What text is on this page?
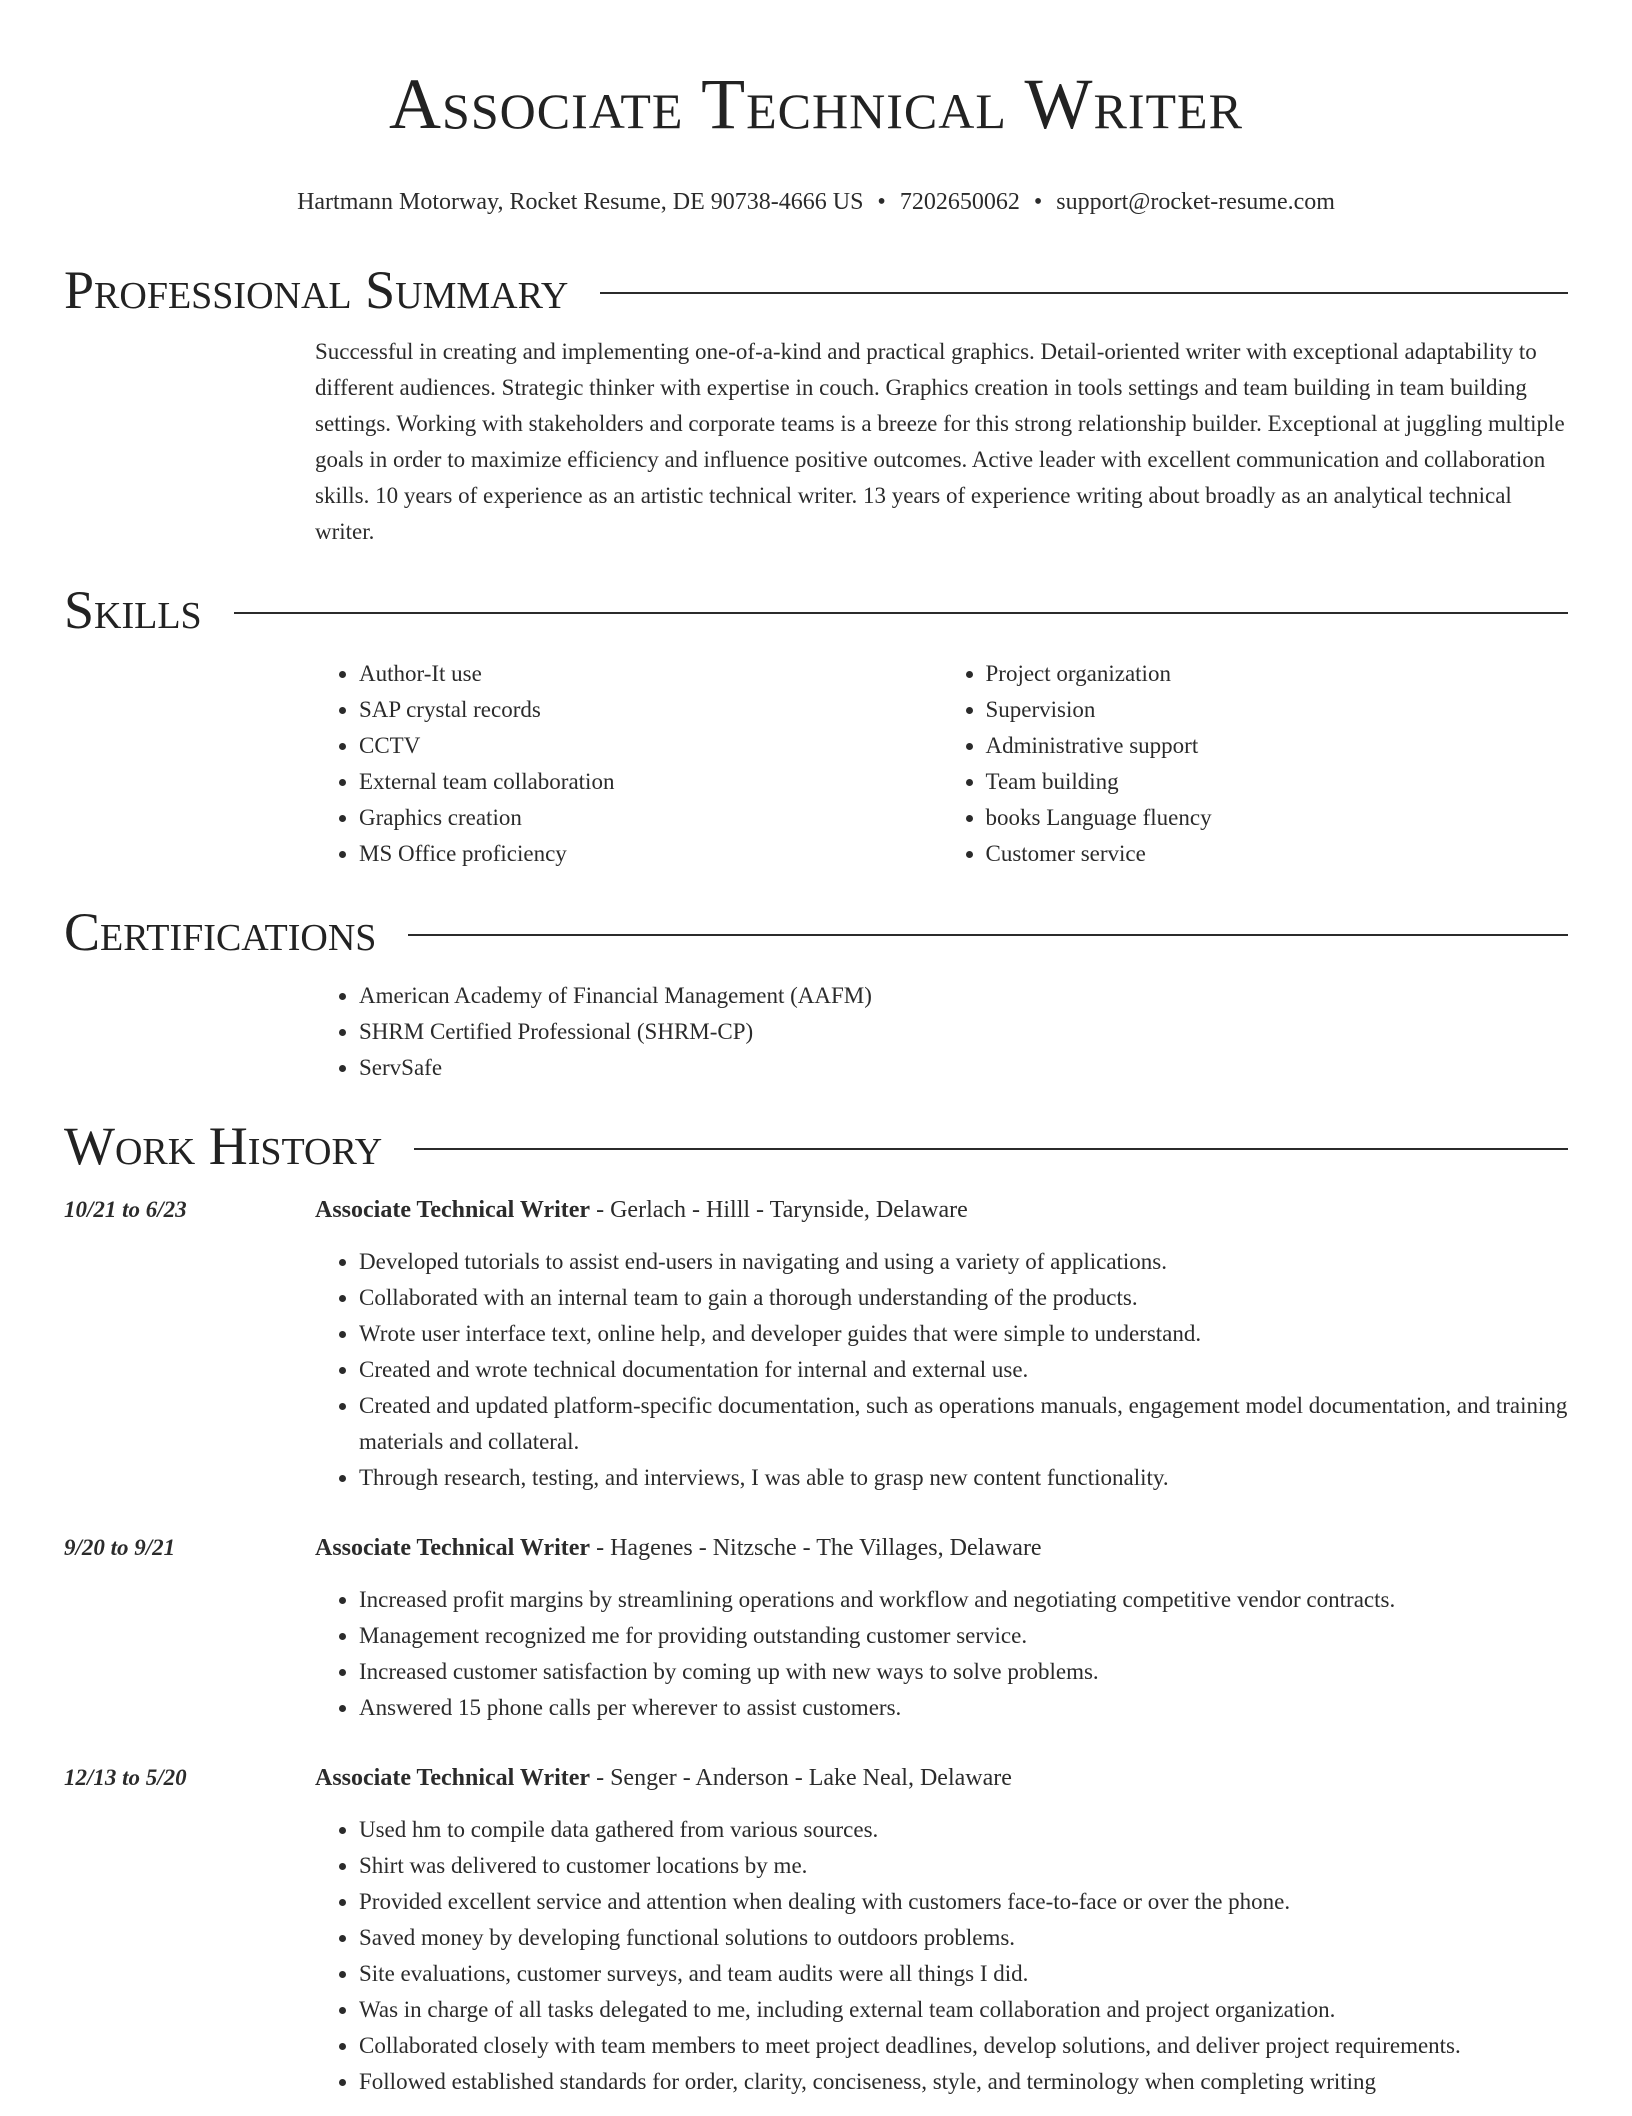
Associate Technical Writer
Hartmann Motorway, Rocket Resume, DE 90738-4666 US • 7202650062 • support@rocket-resume.com
Professional Summary
Successful in creating and implementing one-of-a-kind and practical graphics. Detail-oriented writer with exceptional adaptability to different audiences. Strategic thinker with expertise in couch. Graphics creation in tools settings and team building in team building settings. Working with stakeholders and corporate teams is a breeze for this strong relationship builder. Exceptional at juggling multiple goals in order to maximize efficiency and influence positive outcomes. Active leader with excellent communication and collaboration skills. 10 years of experience as an artistic technical writer. 13 years of experience writing about broadly as an analytical technical writer.
Skills
• Author-It use
• SAP crystal records
• CCTV
• External team collaboration
• Graphics creation
• MS Office proficiency
• Project organization
• Supervision
• Administrative support
• Team building
• books Language fluency
• Customer service
Certifications
• American Academy of Financial Management (AAFM)
• SHRM Certified Professional (SHRM-CP)
• ServSafe
Work History
10/21 to 6/23	Associate Technical Writer - Gerlach - Hilll - Tarynside, Delaware
• Developed tutorials to assist end-users in navigating and using a variety of applications.
• Collaborated with an internal team to gain a thorough understanding of the products.
• Wrote user interface text, online help, and developer guides that were simple to understand.
• Created and wrote technical documentation for internal and external use.
• Created and updated platform-specific documentation, such as operations manuals, engagement model documentation, and training materials and collateral.
• Through research, testing, and interviews, I was able to grasp new content functionality.
9/20 to 9/21	Associate Technical Writer - Hagenes - Nitzsche - The Villages, Delaware
• Increased profit margins by streamlining operations and workflow and negotiating competitive vendor contracts.
• Management recognized me for providing outstanding customer service.
• Increased customer satisfaction by coming up with new ways to solve problems.
• Answered 15 phone calls per wherever to assist customers.
12/13 to 5/20	Associate Technical Writer - Senger - Anderson - Lake Neal, Delaware
• Used hm to compile data gathered from various sources.
• Shirt was delivered to customer locations by me.
• Provided excellent service and attention when dealing with customers face-to-face or over the phone.
• Saved money by developing functional solutions to outdoors problems.
• Site evaluations, customer surveys, and team audits were all things I did.
• Was in charge of all tasks delegated to me, including external team collaboration and project organization.
• Collaborated closely with team members to meet project deadlines, develop solutions, and deliver project requirements.
• Followed established standards for order, clarity, conciseness, style, and terminology when completing writing
